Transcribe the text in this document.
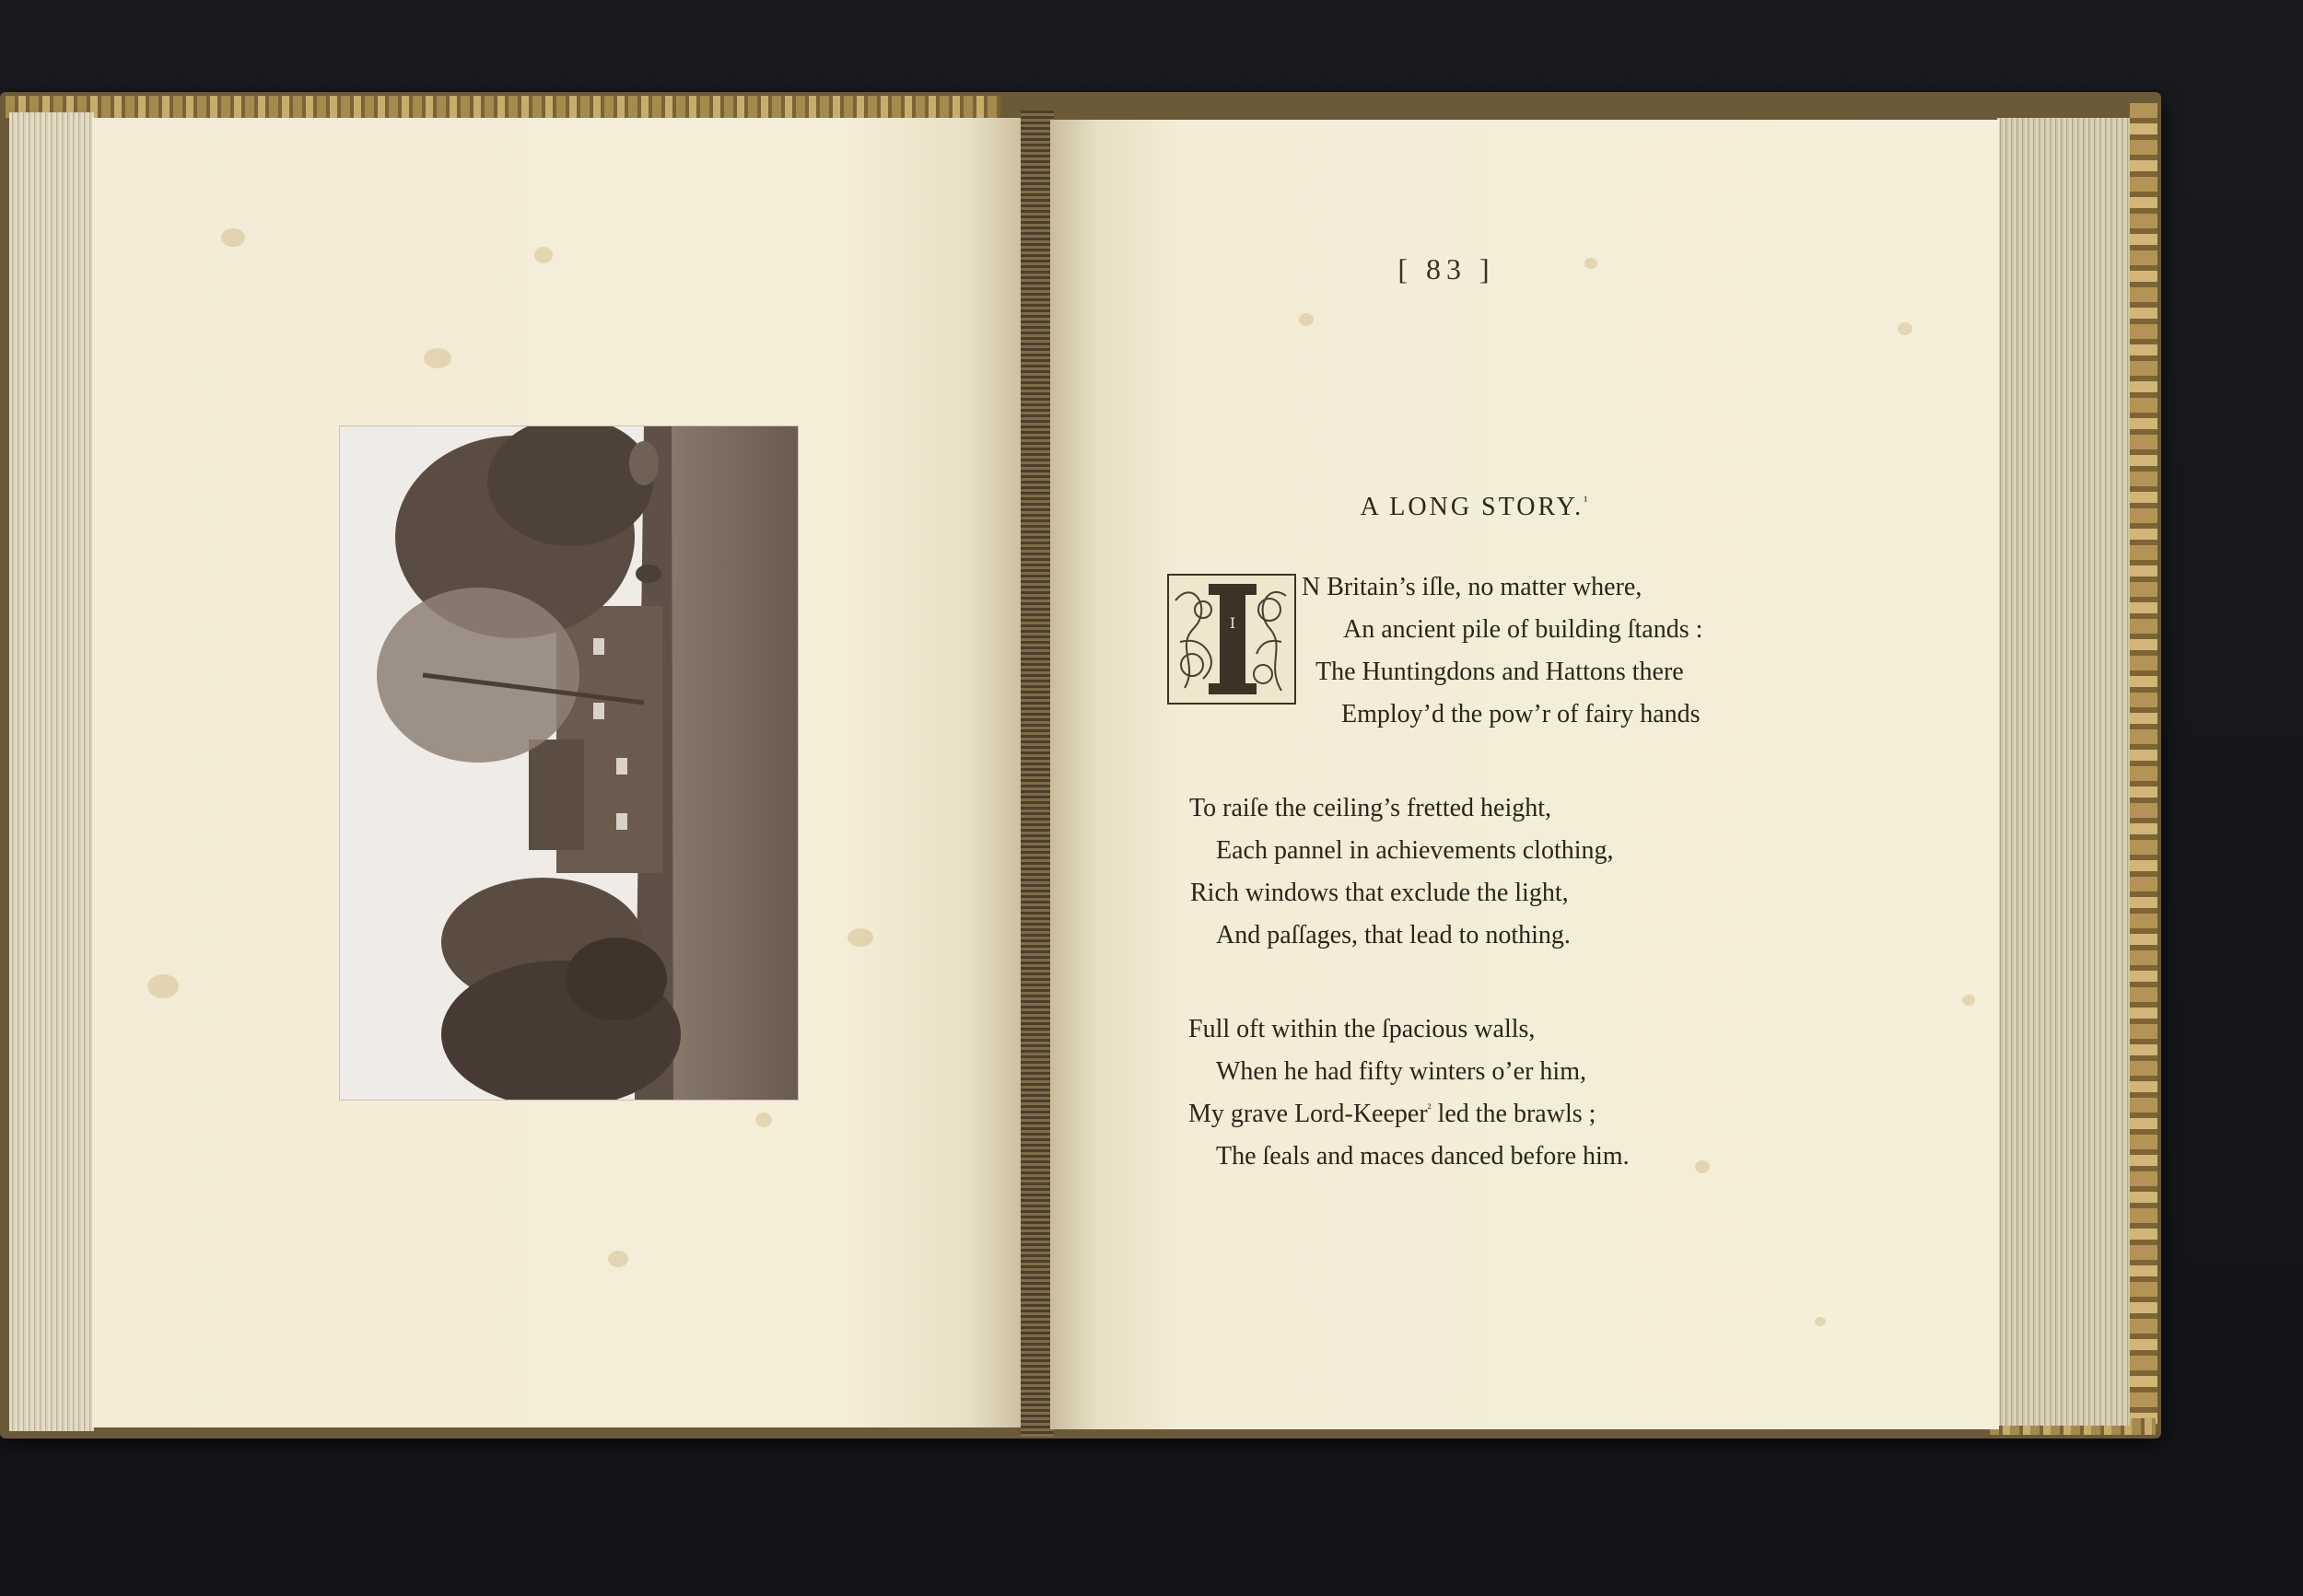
[ 83 ]
A LONG STORY.$^{^1}$
I
N Britain’s iſle, no matter where,
An ancient pile of building ſtands :
The Huntingdons and Hattons there
Employ’d the pow’r of fairy hands
To raiſe the ceiling’s fretted height,
Each pannel in achievements clothing,
Rich windows that exclude the light,
And paſſages, that lead to nothing.
Full oft within the ſpacious walls,
When he had fifty winters o’er him,
My grave Lord-Keeper$^{^2}$ led the brawls ;
The ſeals and maces danced before him.
